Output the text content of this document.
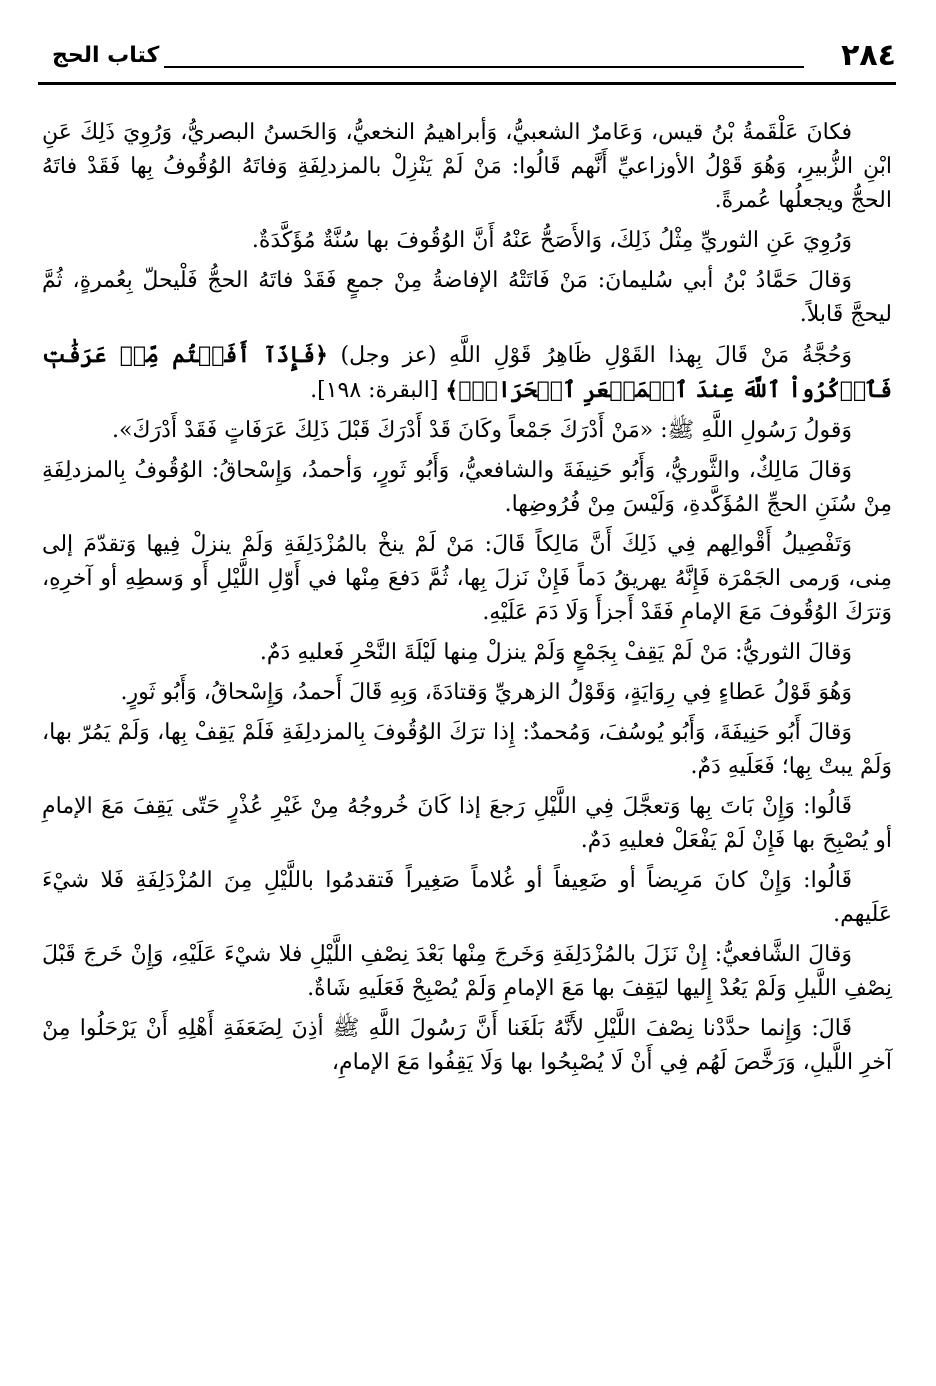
٢٨٤
كتاب الحج

فكانَ عَلْقَمةُ بْنُ قيس، وَعَامرٌ الشعبيُّ، وَأبراهيمُ النخعيُّ، وَالحَسنُ البصريُّ، وَرُوِيَ ذَلِكَ عَنِ ابْنِ الزُّبيرِ، وَهُوَ قَوْلُ الأوزاعيِّ أَنَّهم قَالُوا: مَنْ لَمْ يَنْزِلْ بالمزدلِفَةِ وَفاتَهُ الوُقُوفُ بِها فَقَدْ فاتَهُ الحجُّ ويجعلُها عُمرةً.

وَرُوِيَ عَنِ الثوريِّ مِثْلُ ذَلِكَ، وَالأَصَحُّ عَنْهُ أَنَّ الوُقُوفَ بها سُنَّةٌ مُؤَكَّدَةٌ.

وَقالَ حَمَّادُ بْنُ أبي سُليمانَ: مَنْ فَاتَتْهُ الإفاضةُ مِنْ جمعٍ فَقَدْ فاتَهُ الحجُّ فَلْيحلّ بِعُمرةٍ، ثُمَّ ليحجَّ قَابلاً.

وَحُجَّةُ مَنْ قَالَ بِهذا القَوْلِ ظَاهِرُ قَوْلِ اللَّهِ (عز وجل) ﴿فَإِذَآ أَفَضۡتُم مِّنۡ عَرَفَٰتٖ فَٱذۡكُرُواْ ٱللَّهَ عِندَ ٱلۡمَشۡعَرِ ٱلۡحَرَامِۖ﴾ [البقرة: ١٩٨].

وَقولُ رَسُولِ اللَّهِ ﷺ: «مَنْ أَدْرَكَ جَمْعاً وكَانَ قَدْ أَدْرَكَ قَبْلَ ذَلِكَ عَرَفَاتٍ فَقَدْ أَدْرَكَ».

وَقالَ مَالِكٌ، والثَّوريُّ، وَأَبُو حَنِيفَةَ والشافعيُّ، وَأَبُو ثَورٍ، وَأحمدُ، وَإِسْحاقُ: الوُقُوفُ بِالمزدلِفَةِ مِنْ سُنَنِ الحجِّ المُؤَكَّدةِ، وَلَيْسَ مِنْ فُرُوضِها.

وَتَفْصِيلُ أَقْوالِهم فِي ذَلِكَ أَنَّ مَالِكاً قَالَ: مَنْ لَمْ ينخْ بالمُزْدَلِفَةِ وَلَمْ ينزلْ فِيها وَتقدّمَ إلى مِنى، وَرمى الجَمْرَة فَإِنَّهُ يهريقُ دَماً فَإِنْ نَزلَ بِها، ثُمَّ دَفعَ مِنْها في أَوّلِ اللَّيْلِ أَو وَسطِهِ أو آخرِهِ، وَترَكَ الوُقُوفَ مَعَ الإمامِ فَقَدْ أَجزأَ وَلَا دَمَ عَلَيْهِ.

وَقالَ الثوريُّ: مَنْ لَمْ يَقِفْ بِجَمْعٍ وَلَمْ ينزلْ مِنها لَيْلَةَ النَّحْرِ فَعليهِ دَمٌ.

وَهُوَ قَوْلُ عَطاءٍ فِي رِوَايَةٍ، وَقَوْلُ الزهريِّ وَقتادَةَ، وَبِهِ قَالَ أَحمدُ، وَإِسْحاقُ، وَأَبُو ثَورٍ.

وَقالَ أَبُو حَنِيفَةَ، وَأَبُو يُوسُفَ، وَمُحمدٌ: إِذا ترَكَ الوُقُوفَ بِالمزدلِفَةِ فَلَمْ يَقِفْ بِها، وَلَمْ يَمُرّ بها، وَلَمْ يبتْ بِها؛ فَعَلَيهِ دَمٌ.

قَالُوا: وَإِنْ بَاتَ بِها وَتعجَّلَ فِي اللَّيْلِ رَجعَ إذا كَانَ خُروجُهُ مِنْ غَيْرِ عُذْرٍ حَتّى يَقِفَ مَعَ الإمامِ أو يُصْبِحَ بها فَإِنْ لَمْ يَفْعَلْ فعليهِ دَمٌ.

قَالُوا: وَإِنْ كانَ مَرِيضاً أو ضَعِيفاً أو غُلاماً صَغِيراً فَتقدمُوا باللَّيْلِ مِنَ المُزْدَلِفَةِ فَلا شيْءَ عَلَيهم.

وَقالَ الشَّافعيُّ: إِنْ نَزَلَ بالمُزْدَلِفَةِ وَخَرجَ مِنْها بَعْدَ نِصْفِ اللَّيْلِ فلا شيْءَ عَلَيْهِ، وَإِنْ خَرجَ قَبْلَ نِصْفِ اللَّيلِ وَلَمْ يَعُدْ إِليها ليَقِفَ بها مَعَ الإمامِ وَلَمْ يُصْبِحْ فَعَلَيهِ شَاةٌ.

قَالَ: وَإِنما حدَّدْنا نِصْفَ اللَّيْلِ لأَنَّهُ بَلَغَنا أَنَّ رَسُولَ اللَّهِ ﷺ أذِنَ لِضَعَفَةِ أَهْلِهِ أَنْ يَرْحَلُوا مِنْ آخرِ اللَّيلِ، وَرَخَّصَ لَهُم فِي أَنْ لَا يُصْبِحُوا بها وَلَا يَقِفُوا مَعَ الإمامِ،
